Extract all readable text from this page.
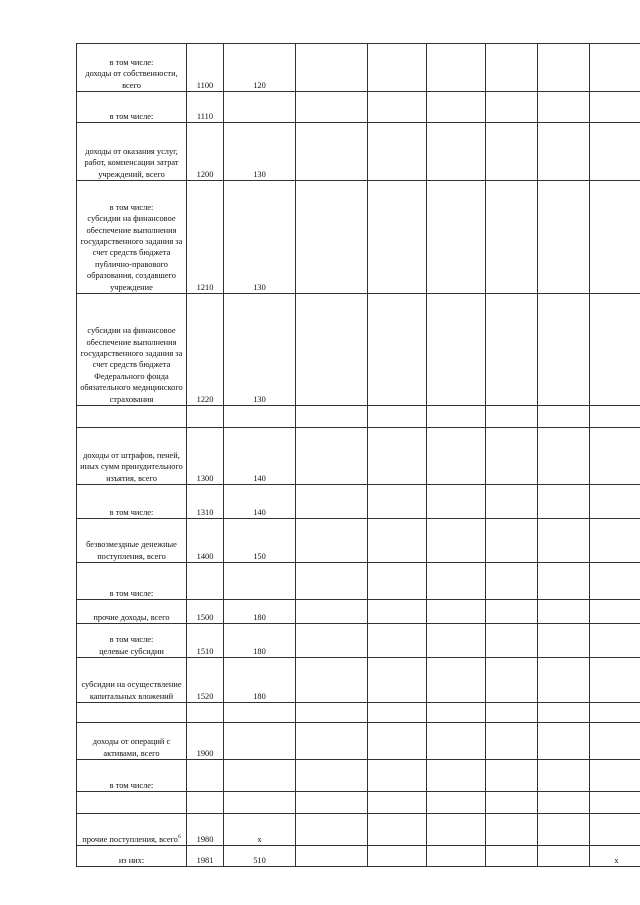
в том числе:
доходы от собственности, всего	1100	120						

в том числе:	1110							
доходы от оказания услуг, работ, компенсации затрат учреждений, всего	1200	130						

в том числе:
субсидии на финансовое обеспечение выполнения государственного задания за счет средств бюджета публично-правового образования, создавшего учреждение	1210	130						
субсидии на финансовое обеспечение выполнения государственного задания за счет средств бюджета Федерального фонда обязательного медицинского страхования	1220	130						

доходы от штрафов, пеней, иных сумм принудительного изъятия, всего	1300	140						

в том числе:	1310	140						
безвозмездные денежные поступления, всего	1400	150						

в том числе:								

прочие доходы, всего	1500	180						

в том числе:
целевые субсидии	1510	180						
субсидии на осуществление капитальных вложений	1520	180						

доходы от операций с активами, всего	1900							

в том числе:								

прочие поступления, всего$^6$	1980	x						
из них:	1981	510						x
